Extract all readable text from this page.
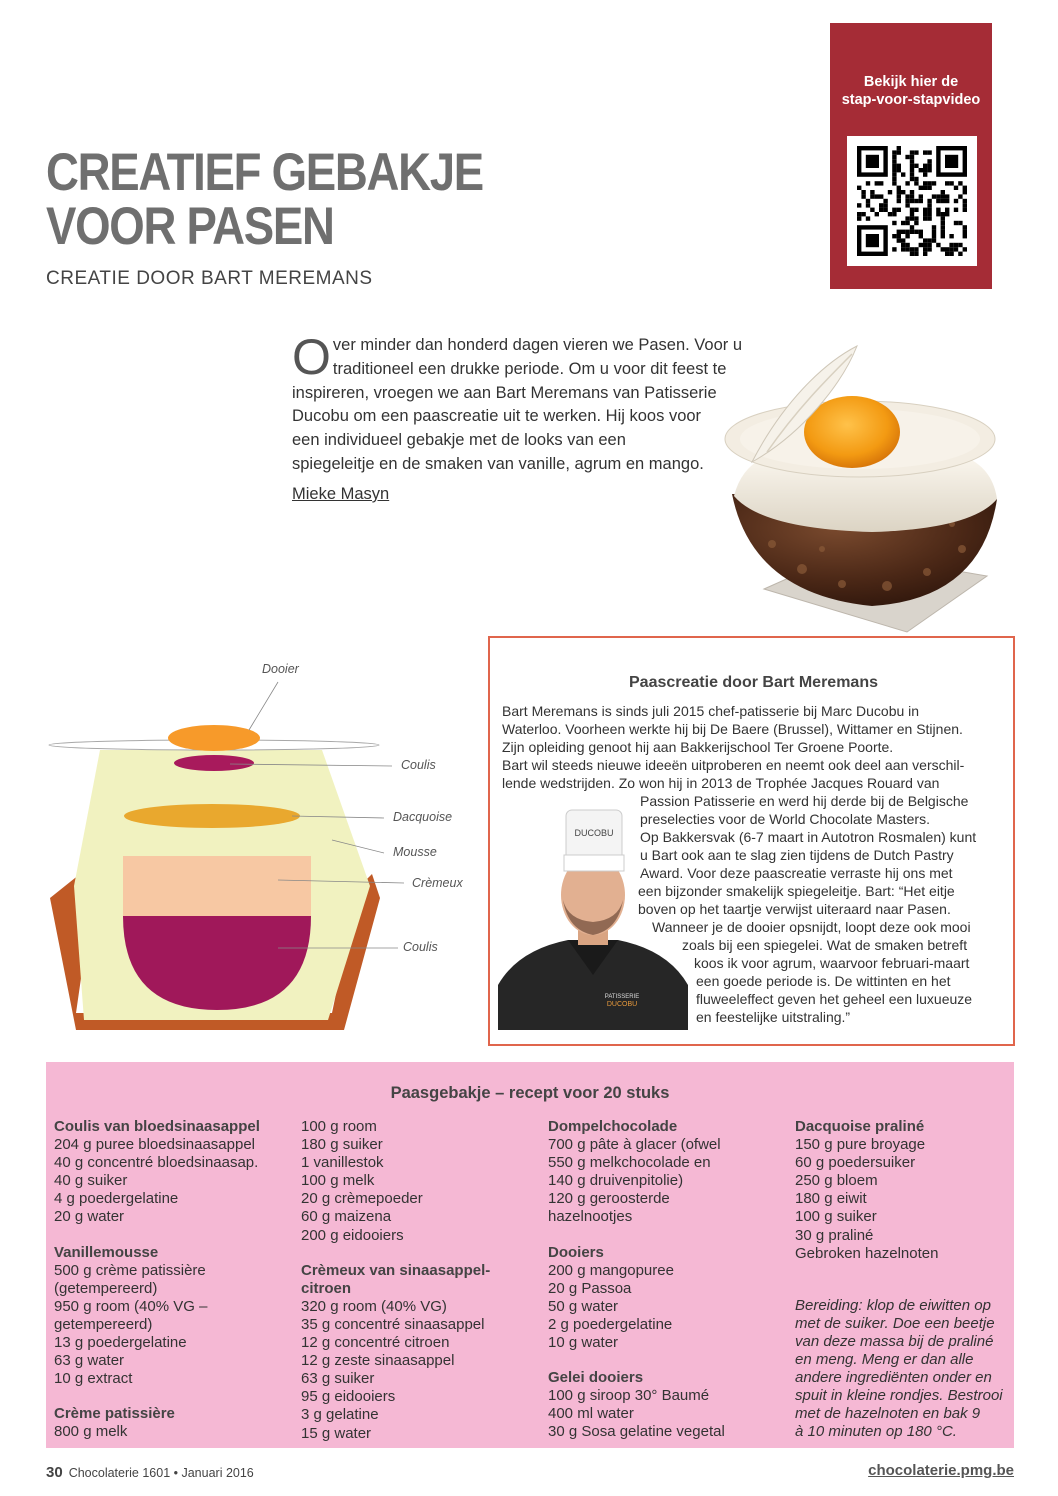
Bekijk hier de
stap-voor-stapvideo
CREATIEF GEBAKJE
VOOR PASEN
CREATIE DOOR BART MEREMANS
O ver minder dan honderd dagen vieren we Pasen. Voor u
traditioneel een drukke periode. Om u voor dit feest te
inspireren, vroegen we aan Bart Meremans van Patisserie
Ducobu om een paascreatie uit te werken. Hij koos voor
een individueel gebakje met de looks van een
spiegeleitje en de smaken van vanille, agrum en mango.
Mieke Masyn
Dooier
Coulis
Dacquoise
Mousse
Crèmeux
Coulis
Paascreatie door Bart Meremans
Bart Meremans is sinds juli 2015 chef-patisserie bij Marc Ducobu in
Waterloo. Voorheen werkte hij bij De Baere (Brussel), Wittamer en Stijnen.
Zijn opleiding genoot hij aan Bakkerijschool Ter Groene Poorte.
Bart wil steeds nieuwe ideeën uitproberen en neemt ook deel aan verschil-
lende wedstrijden. Zo won hij in 2013 de Trophée Jacques Rouard van
Passion Patisserie en werd hij derde bij de Belgische
preselecties voor de World Chocolate Masters.
Op Bakkersvak (6-7 maart in Autotron Rosmalen) kunt
u Bart ook aan te slag zien tijdens de Dutch Pastry
Award. Voor deze paascreatie verraste hij ons met
een bijzonder smakelijk spiegeleitje. Bart: “Het eitje
boven op het taartje verwijst uiteraard naar Pasen.
Wanneer je de dooier opsnijdt, loopt deze ook mooi
zoals bij een spiegelei. Wat de smaken betreft
koos ik voor agrum, waarvoor februari-maart
een goede periode is. De wittinten en het
fluweeleffect geven het geheel een luxueuze
en feestelijke uitstraling.”
DUCOBU
PATISSERIE
DUCOBU
Paasgebakje – recept voor 20 stuks
Coulis van bloedsinaasappel
204 g puree bloedsinaasappel
40 g concentré bloedsinaasap.
40 g suiker
4 g poedergelatine
20 g water
Vanillemousse
500 g crème patissière
(getempereerd)
950 g room (40% VG –
getempereerd)
13 g poedergelatine
63 g water
10 g extract
Crème patissière
800 g melk
100 g room
180 g suiker
1 vanillestok
100 g melk
20 g crèmepoeder
60 g maizena
200 g eidooiers
Crèmeux van sinaasappel-
citroen
320 g room (40% VG)
35 g concentré sinaasappel
12 g concentré citroen
12 g zeste sinaasappel
63 g suiker
95 g eidooiers
3 g gelatine
15 g water
Dompelchocolade
700 g pâte à glacer (ofwel
550 g melkchocolade en
140 g druivenpitolie)
120 g geroosterde
hazelnootjes
Dooiers
200 g mangopuree
20 g Passoa
50 g water
2 g poedergelatine
10 g water
Gelei dooiers
100 g siroop 30° Baumé
400 ml water
30 g Sosa gelatine vegetal
Dacquoise praliné
150 g pure broyage
60 g poedersuiker
250 g bloem
180 g eiwit
100 g suiker
30 g praliné
Gebroken hazelnoten
Bereiding: klop de eiwitten op
met de suiker. Doe een beetje
van deze massa bij de praliné
en meng. Meng er dan alle
andere ingrediënten onder en
spuit in kleine rondjes. Bestrooi
met de hazelnoten en bak 9
à 10 minuten op 180 °C.
30 Chocolaterie 1601 • Januari 2016	chocolaterie.pmg.be
